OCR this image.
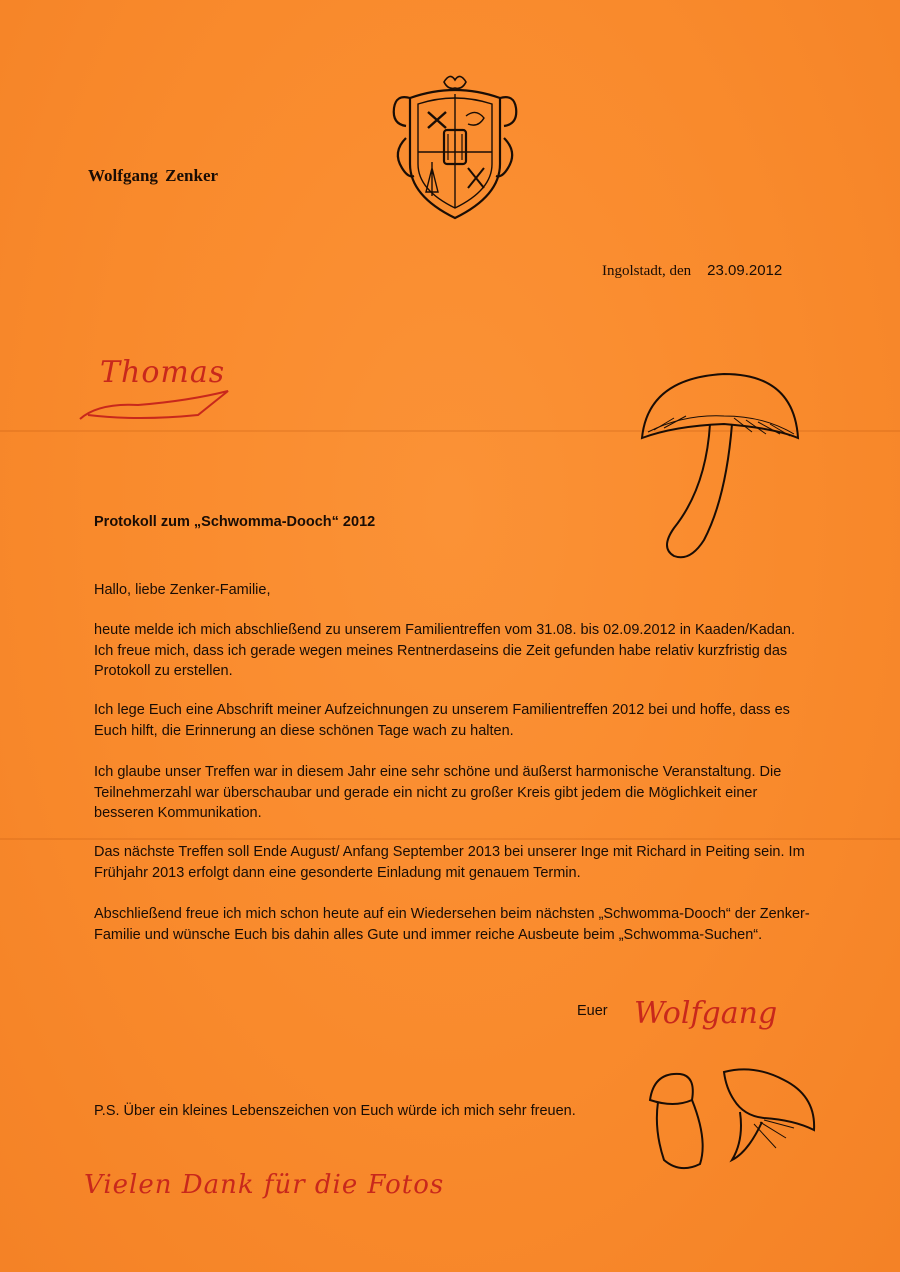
Wolfgang Zenker
Ingolstadt, den 23.09.2012
Thomas
Protokoll zum „Schwomma-Dooch“ 2012
Hallo, liebe Zenker-Familie,

heute melde ich mich abschließend zu unserem Familientreffen vom 31.08. bis 02.09.2012 in Kaaden/Kadan. Ich freue mich, dass ich gerade wegen meines Rentnerdaseins die Zeit gefunden habe relativ kurzfristig das Protokoll zu erstellen.

Ich lege Euch eine Abschrift meiner Aufzeichnungen zu unserem Familientreffen 2012 bei und hoffe, dass es Euch hilft, die Erinnerung an diese schönen Tage wach zu halten.

Ich glaube unser Treffen war in diesem Jahr eine sehr schöne und äußerst harmonische Veranstaltung. Die Teilnehmerzahl war überschaubar und gerade ein nicht zu großer Kreis gibt jedem die Möglichkeit einer besseren Kommunikation.

Das nächste Treffen soll Ende August/ Anfang September 2013 bei unserer Inge mit Richard in Peiting sein. Im Frühjahr 2013 erfolgt dann eine gesonderte Einladung mit genauem Termin.

Abschließend freue ich mich schon heute auf ein Wiedersehen beim nächsten „Schwomma-Dooch“ der Zenker-Familie und wünsche Euch bis dahin alles Gute und immer reiche Ausbeute beim „Schwomma-Suchen“.

Euer Wolfgang
P.S. Über ein kleines Lebenszeichen von Euch würde ich mich sehr freuen.
Vielen Dank für die Fotos
